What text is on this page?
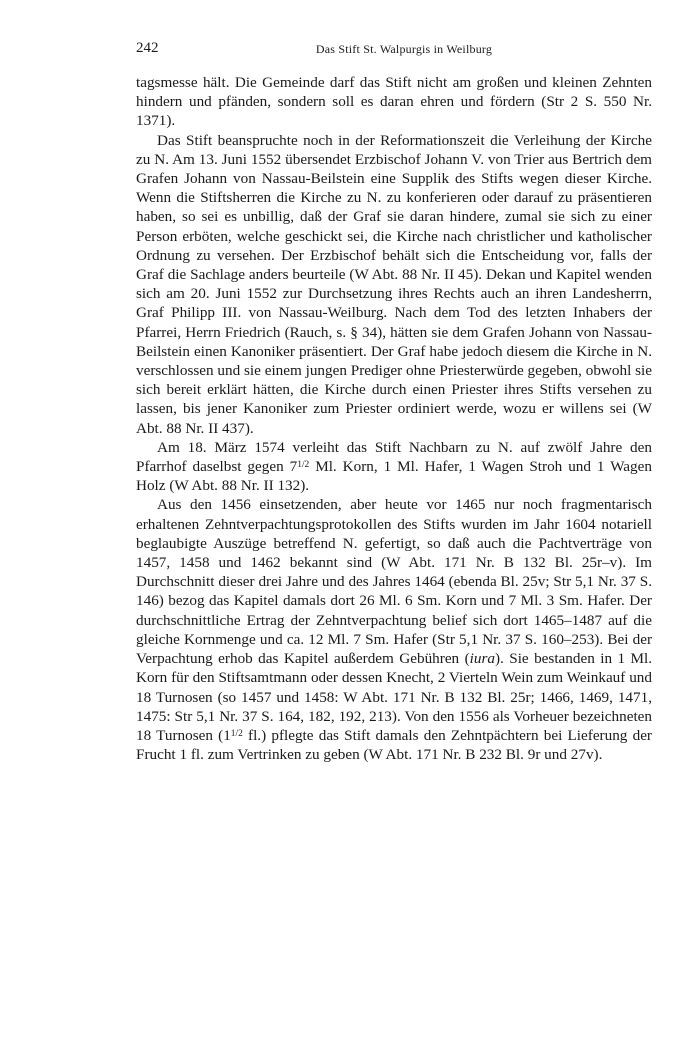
242	Das Stift St. Walpurgis in Weilburg

tagsmesse hält. Die Gemeinde darf das Stift nicht am großen und kleinen Zehnten hindern und pfänden, sondern soll es daran ehren und fördern (Str 2 S. 550 Nr. 1371).

Das Stift beanspruchte noch in der Reformationszeit die Verleihung der Kirche zu N. Am 13. Juni 1552 übersendet Erzbischof Johann V. von Trier aus Bertrich dem Grafen Johann von Nassau-Beilstein eine Supplik des Stifts wegen dieser Kirche. Wenn die Stiftsherren die Kirche zu N. zu konferieren oder darauf zu präsentieren haben, so sei es unbillig, daß der Graf sie daran hindere, zumal sie sich zu einer Person erböten, welche geschickt sei, die Kirche nach christlicher und katholischer Ordnung zu versehen. Der Erzbischof behält sich die Entscheidung vor, falls der Graf die Sachlage anders beurteile (W Abt. 88 Nr. II 45). Dekan und Kapitel wenden sich am 20. Juni 1552 zur Durchsetzung ihres Rechts auch an ihren Landesherrn, Graf Philipp III. von Nassau-Weilburg. Nach dem Tod des letzten Inhabers der Pfarrei, Herrn Friedrich (Rauch, s. § 34), hätten sie dem Grafen Johann von Nassau-Beilstein einen Kanoniker präsentiert. Der Graf habe jedoch diesem die Kirche in N. verschlossen und sie einem jungen Prediger ohne Priesterwürde gegeben, obwohl sie sich bereit erklärt hätten, die Kirche durch einen Priester ihres Stifts versehen zu lassen, bis jener Kanoniker zum Priester ordiniert werde, wozu er willens sei (W Abt. 88 Nr. II 437).

Am 18. März 1574 verleiht das Stift Nachbarn zu N. auf zwölf Jahre den Pfarrhof daselbst gegen $7^{1/2}$ Ml. Korn, 1 Ml. Hafer, 1 Wagen Stroh und 1 Wagen Holz (W Abt. 88 Nr. II 132).

Aus den 1456 einsetzenden, aber heute vor 1465 nur noch fragmentarisch erhaltenen Zehntverpachtungsprotokollen des Stifts wurden im Jahr 1604 notariell beglaubigte Auszüge betreffend N. gefertigt, so daß auch die Pachtverträge von 1457, 1458 und 1462 bekannt sind (W Abt. 171 Nr. B 132 Bl. 25r–v). Im Durchschnitt dieser drei Jahre und des Jahres 1464 (ebenda Bl. 25v; Str 5,1 Nr. 37 S. 146) bezog das Kapitel damals dort 26 Ml. 6 Sm. Korn und 7 Ml. 3 Sm. Hafer. Der durchschnittliche Ertrag der Zehntverpachtung belief sich dort 1465–1487 auf die gleiche Kornmenge und ca. 12 Ml. 7 Sm. Hafer (Str 5,1 Nr. 37 S. 160–253). Bei der Verpachtung erhob das Kapitel außerdem Gebühren (iura). Sie bestanden in 1 Ml. Korn für den Stiftsamtmann oder dessen Knecht, 2 Vierteln Wein zum Weinkauf und 18 Turnosen (so 1457 und 1458: W Abt. 171 Nr. B 132 Bl. 25r; 1466, 1469, 1471, 1475: Str 5,1 Nr. 37 S. 164, 182, 192, 213). Von den 1556 als Vorheuer bezeichneten 18 Turnosen ($1^{1/2}$ fl.) pflegte das Stift damals den Zehntpächtern bei Lieferung der Frucht 1 fl. zum Vertrinken zu geben (W Abt. 171 Nr. B 232 Bl. 9r und 27v).
